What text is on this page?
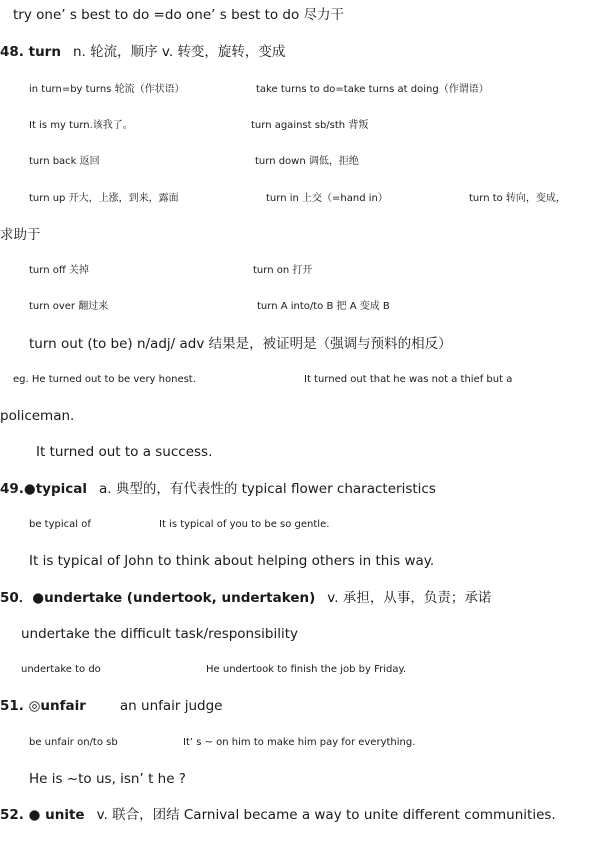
try one’ s best to do =do one’ s best to do 尽力干
48. turn n. 轮流，顺序 v. 转变，旋转，变成
in turn=by turns 轮流（作状语）	take turns to do=take turns at doing（作谓语）
It is my turn.该我了。	turn against sb/sth 背叛
turn back 返回	turn down 调低，拒绝
turn up 开大，上涨，到来，露面	turn in 上交（=hand in）	turn to 转向，变成，
求助于
turn off 关掉	turn on 打开
turn over 翻过来	turn A into/to B 把 A 变成 B
turn out (to be) n/adj/ adv 结果是，被证明是（强调与预料的相反）
eg. He turned out to be very honest.	It turned out that he was not a thief but a
policeman.
It turned out to a success.
49.●typical a. 典型的，有代表性的 typical flower characteristics
be typical of	It is typical of you to be so gentle.
It is typical of John to think about helping others in this way.
50．●undertake (undertook, undertaken) v. 承担，从事，负责；承诺
undertake the difficult task/responsibility
undertake to do	He undertook to finish the job by Friday.
51. ◎unfair	an unfair judge
be unfair on/to sb	It’ s ~ on him to make him pay for everything.
He is ~to us, isn’ t he ?
52. ● unite v. 联合，团结 Carnival became a way to unite different communities.
